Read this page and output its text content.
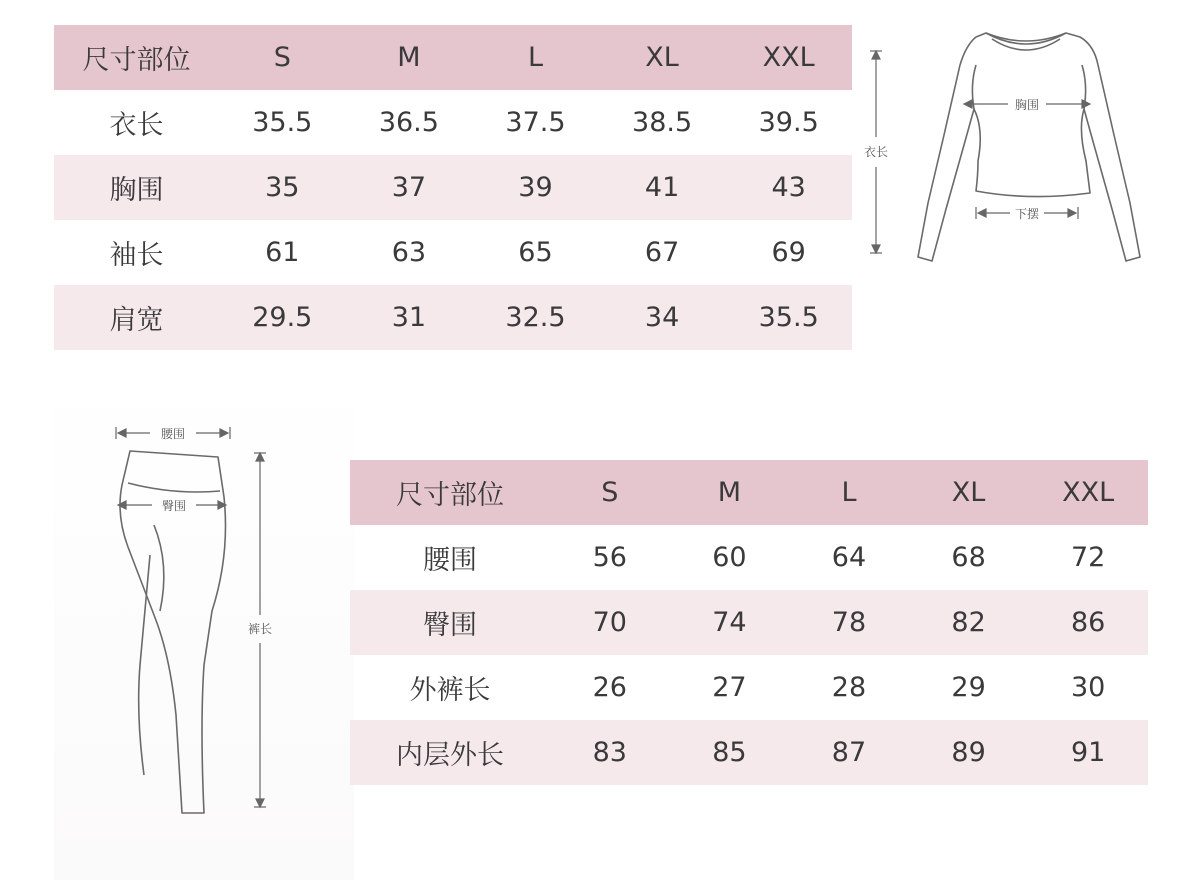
尺寸部位	S	M	L	XL	XXL
衣长	35.5	36.5	37.5	38.5	39.5
胸围	35	37	39	41	43
袖长	61	63	65	67	69
肩宽	29.5	31	32.5	34	35.5
胸围
下摆
衣长
腰围
臀围
裤长
尺寸部位	S	M	L	XL	XXL
腰围	56	60	64	68	72
臀围	70	74	78	82	86
外裤长	26	27	28	29	30
内层外长	83	85	87	89	91
